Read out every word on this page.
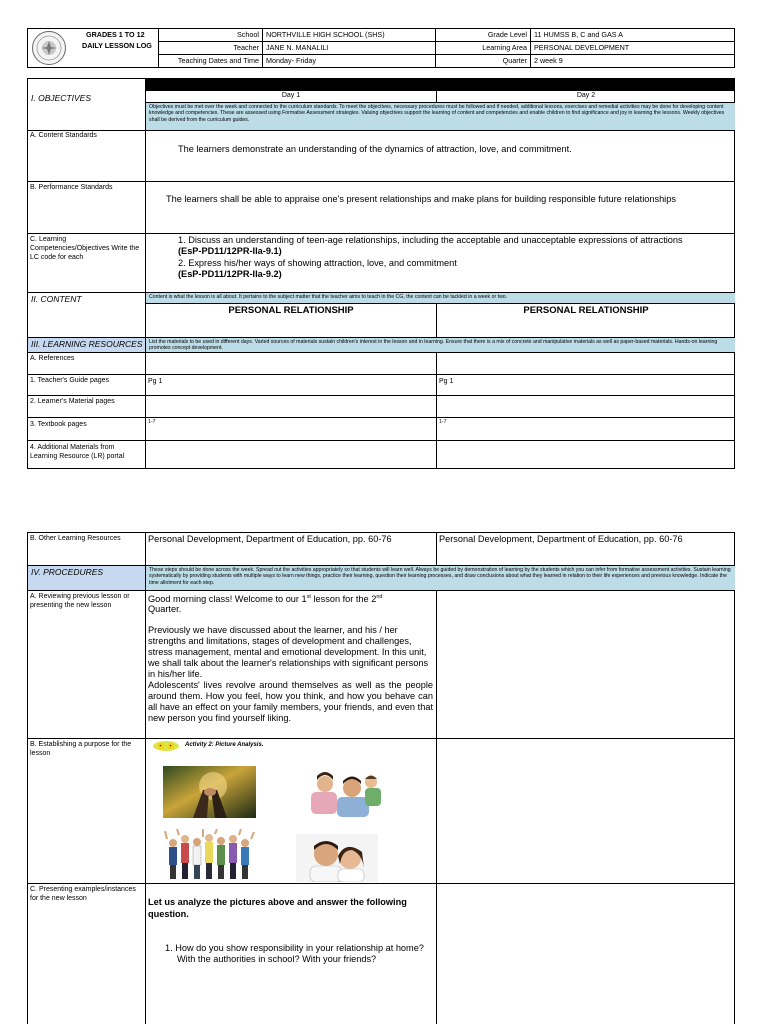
GRADES 1 TO 12
DAILY LESSON LOG
School NORTHVILLE HIGH SCHOOL (SHS)
Teacher JANE N. MANALILI
Teaching Dates and Time Monday- Friday
Grade Level 11 HUMSS B, C and GAS A
Learning Area PERSONAL DEVELOPMENT
Quarter 2 week 9
Day 1	Day 2
I. OBJECTIVES
Objectives must be met over the week and connected to the curriculum standards. To meet the objectives, necessary procedures must be followed and if needed, additional lessons, exercises and remedial activities may be done for developing content knowledge and competencies. These are assessed using Formative Assessment strategies. Valuing objectives support the learning of content and competencies and enable children to find significance and joy in learning the lessons. Weekly objectives shall be derived from the curriculum guides.
A. Content Standards
The learners demonstrate an understanding of the dynamics of attraction, love, and commitment.
B. Performance Standards
The learners shall be able to appraise one's present relationships and make plans for building responsible future relationships
C. Learning Competencies/Objectives Write the LC code for each
1. Discuss an understanding of teen-age relationships, including the acceptable and unacceptable expressions of attractions
(EsP-PD11/12PR-IIa-9.1)
2. Express his/her ways of showing attraction, love, and commitment
(EsP-PD11/12PR-IIa-9.2)
II. CONTENT	Content is what the lesson is all about. It pertains to the subject matter that the teacher aims to teach in the CG, the content can be tackled in a week or two.
PERSONAL RELATIONSHIP	PERSONAL RELATIONSHIP
III. LEARNING RESOURCES	List the materials to be used in different days. Varied sources of materials sustain children's interest in the lesson and in learning. Ensure that there is a mix of concrete and manipulative materials as well as paper-based materials. Hands-on learning promotes concept development.
A. References
1. Teacher's Guide pages	Pg 1	Pg 1
2. Learner's Material pages
3. Textbook pages	1-7	1-7
4. Additional Materials from Learning Resource (LR) portal
B. Other Learning Resources	Personal Development, Department of Education, pp. 60-76	Personal Development, Department of Education, pp. 60-76
IV. PROCEDURES	These steps should be done across the week. Spread out the activities appropriately so that students will learn well. Always be guided by demonstration of learning by the students which you can infer from formative assessment activities. Sustain learning systematically by providing students with multiple ways to learn new things, practice their learning, question their learning processes, and draw conclusions about what they learned in relation to their life experiences and previous knowledge. Indicate the time allotment for each step.
A. Reviewing previous lesson or presenting the new lesson
Good morning class! Welcome to our 1st lesson for the 2nd
Quarter.
Previously we have discussed about the learner, and his / her strengths and limitations, stages of development and challenges, stress management, mental and emotional development. In this unit, we shall talk about the learner's relationships with significant persons in his/her life.
Adolescents' lives revolve around themselves as well as the people around them. How you feel, how you think, and how you behave can all have an effect on your family members, your friends, and even that new person you find yourself liking.
B. Establishing a purpose for the lesson
Activity 2: Picture Analysis.
C. Presenting examples/instances for the new lesson	Let us analyze the pictures above and answer the following question.
1. How do you show responsibility in your relationship at home? With the authorities in school? With your friends?
